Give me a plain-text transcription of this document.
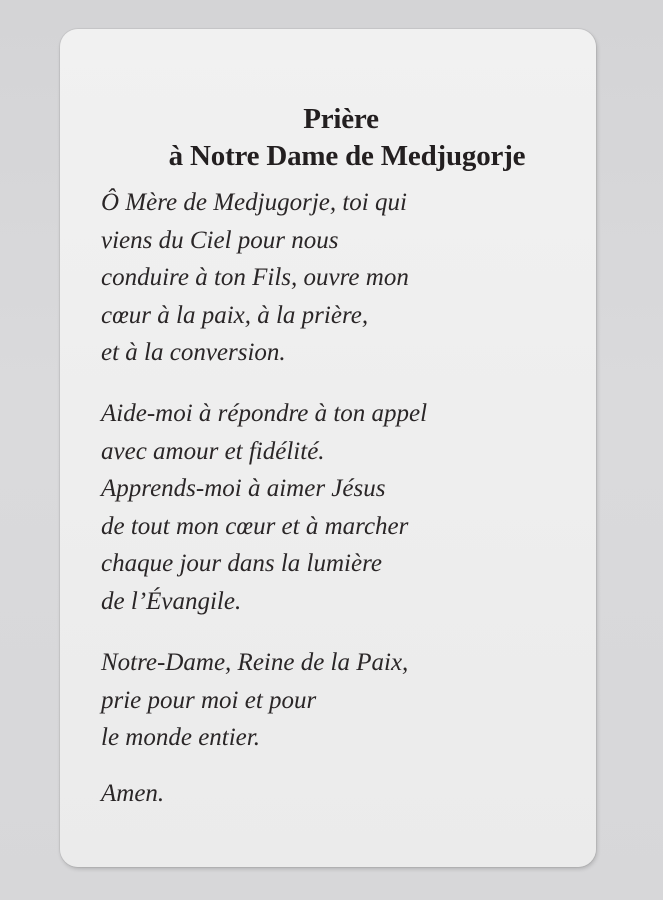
Prière
à Notre Dame de Medjugorje
Ô Mère de Medjugorje, toi qui
viens du Ciel pour nous
conduire à ton Fils, ouvre mon
cœur à la paix, à la prière,
et à la conversion.
Aide-moi à répondre à ton appel
avec amour et fidélité.
Apprends-moi à aimer Jésus
de tout mon cœur et à marcher
chaque jour dans la lumière
de l’Évangile.
Notre-Dame, Reine de la Paix,
prie pour moi et pour
le monde entier.
Amen.
